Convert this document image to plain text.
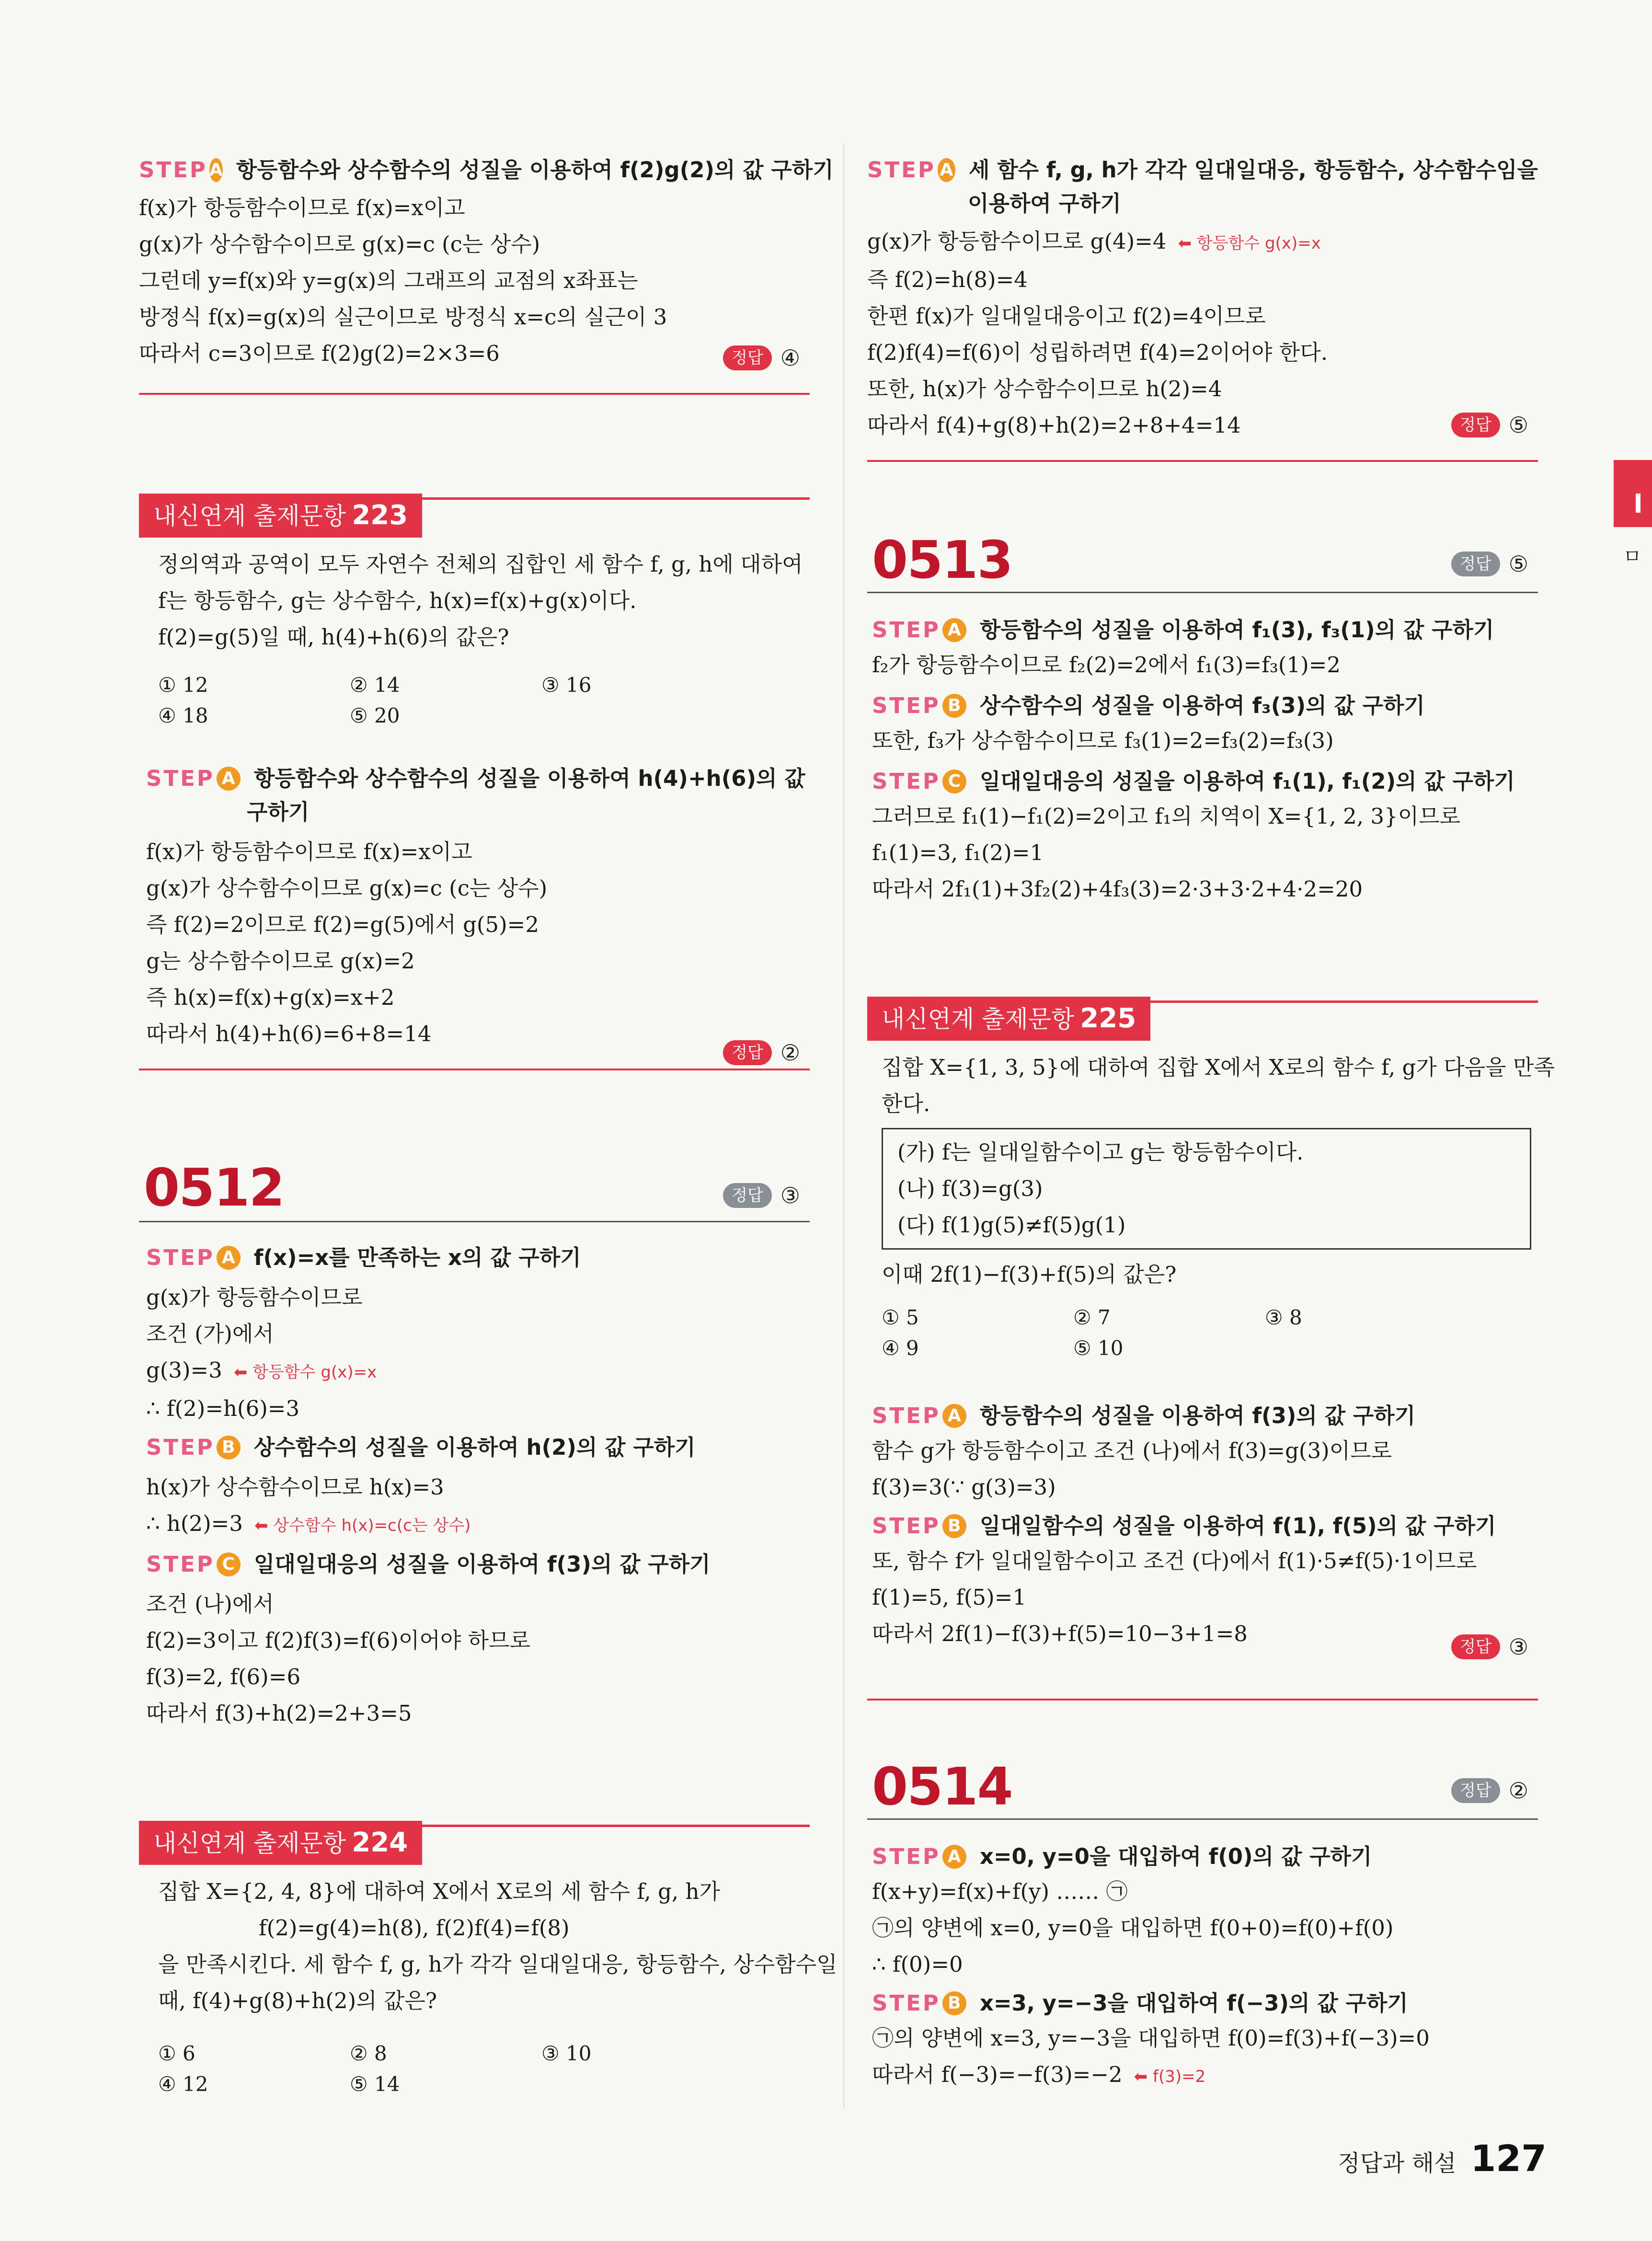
STEP A 항등함수와 상수함수의 성질을 이용하여 f(2)g(2)의 값 구하기
f(x)가 항등함수이므로 f(x)=x이고
g(x)가 상수함수이므로 g(x)=c (c는 상수)
그런데 y=f(x)와 y=g(x)의 그래프의 교점의 x좌표는
방정식 f(x)=g(x)의 실근이므로 방정식 x=c의 실근이 3
따라서 c=3이므로 f(2)g(2)=2×3=6	정답 ④
내신연계 출제문항 223
정의역과 공역이 모두 자연수 전체의 집합인 세 함수 f, g, h에 대하여
f는 항등함수, g는 상수함수, h(x)=f(x)+g(x)이다.
f(2)=g(5)일 때, h(4)+h(6)의 값은?
① 12	② 14	③ 16
④ 18	⑤ 20
STEP A 항등함수와 상수함수의 성질을 이용하여 h(4)+h(6)의 값
구하기
f(x)가 항등함수이므로 f(x)=x이고
g(x)가 상수함수이므로 g(x)=c (c는 상수)
즉 f(2)=2이므로 f(2)=g(5)에서 g(5)=2
g는 상수함수이므로 g(x)=2
즉 h(x)=f(x)+g(x)=x+2
따라서 h(4)+h(6)=6+8=14
정답 ②
0512	정답 ③
STEP A f(x)=x를 만족하는 x의 값 구하기
g(x)가 항등함수이므로
조건 (가)에서
g(3)=3 ⬅ 항등함수 g(x)=x
∴ f(2)=h(6)=3
STEP B 상수함수의 성질을 이용하여 h(2)의 값 구하기
h(x)가 상수함수이므로 h(x)=3
∴ h(2)=3 ⬅ 상수함수 h(x)=c(c는 상수)
STEP C 일대일대응의 성질을 이용하여 f(3)의 값 구하기
조건 (나)에서
f(2)=3이고 f(2)f(3)=f(6)이어야 하므로
f(3)=2, f(6)=6
따라서 f(3)+h(2)=2+3=5
내신연계 출제문항 224
집합 X={2, 4, 8}에 대하여 X에서 X로의 세 함수 f, g, h가
f(2)=g(4)=h(8), f(2)f(4)=f(8)
을 만족시킨다. 세 함수 f, g, h가 각각 일대일대응, 항등함수, 상수함수일
때, f(4)+g(8)+h(2)의 값은?
① 6	② 8	③ 10
④ 12	⑤ 14
STEP A 세 함수 f, g, h가 각각 일대일대응, 항등함수, 상수함수임을
이용하여 구하기
g(x)가 항등함수이므로 g(4)=4 ⬅ 항등함수 g(x)=x
즉 f(2)=h(8)=4
한편 f(x)가 일대일대응이고 f(2)=4이므로
f(2)f(4)=f(6)이 성립하려면 f(4)=2이어야 한다.
또한, h(x)가 상수함수이므로 h(2)=4
따라서 f(4)+g(8)+h(2)=2+8+4=14	정답 ⑤
0513	정답 ⑤
STEP A 항등함수의 성질을 이용하여 f₁(3), f₃(1)의 값 구하기
f₂가 항등함수이므로 f₂(2)=2에서 f₁(3)=f₃(1)=2
STEP B 상수함수의 성질을 이용하여 f₃(3)의 값 구하기
또한, f₃가 상수함수이므로 f₃(1)=2=f₃(2)=f₃(3)
STEP C 일대일대응의 성질을 이용하여 f₁(1), f₁(2)의 값 구하기
그러므로 f₁(1)−f₁(2)=2이고 f₁의 치역이 X={1, 2, 3}이므로
f₁(1)=3, f₁(2)=1
따라서 2f₁(1)+3f₂(2)+4f₃(3)=2·3+3·2+4·2=20
내신연계 출제문항 225
집합 X={1, 3, 5}에 대하여 집합 X에서 X로의 함수 f, g가 다음을 만족
한다.
(가) f는 일대일함수이고 g는 항등함수이다.
(나) f(3)=g(3)
(다) f(1)g(5)≠f(5)g(1)
이때 2f(1)−f(3)+f(5)의 값은?
① 5	② 7	③ 8
④ 9	⑤ 10
STEP A 항등함수의 성질을 이용하여 f(3)의 값 구하기
함수 g가 항등함수이고 조건 (나)에서 f(3)=g(3)이므로
f(3)=3(∵ g(3)=3)
STEP B 일대일함수의 성질을 이용하여 f(1), f(5)의 값 구하기
또, 함수 f가 일대일함수이고 조건 (다)에서 f(1)·5≠f(5)·1이므로
f(1)=5, f(5)=1
따라서 2f(1)−f(3)+f(5)=10−3+1=8
정답 ③
0514	정답 ②
STEP A x=0, y=0을 대입하여 f(0)의 값 구하기
f(x+y)=f(x)+f(y) …… ㉠
㉠의 양변에 x=0, y=0을 대입하면 f(0+0)=f(0)+f(0)
∴ f(0)=0
STEP B x=3, y=−3을 대입하여 f(−3)의 값 구하기
㉠의 양변에 x=3, y=−3을 대입하면 f(0)=f(3)+f(−3)=0
따라서 f(−3)=−f(3)=−2 ⬅ f(3)=2
ㅁ
정답과 해설 127
